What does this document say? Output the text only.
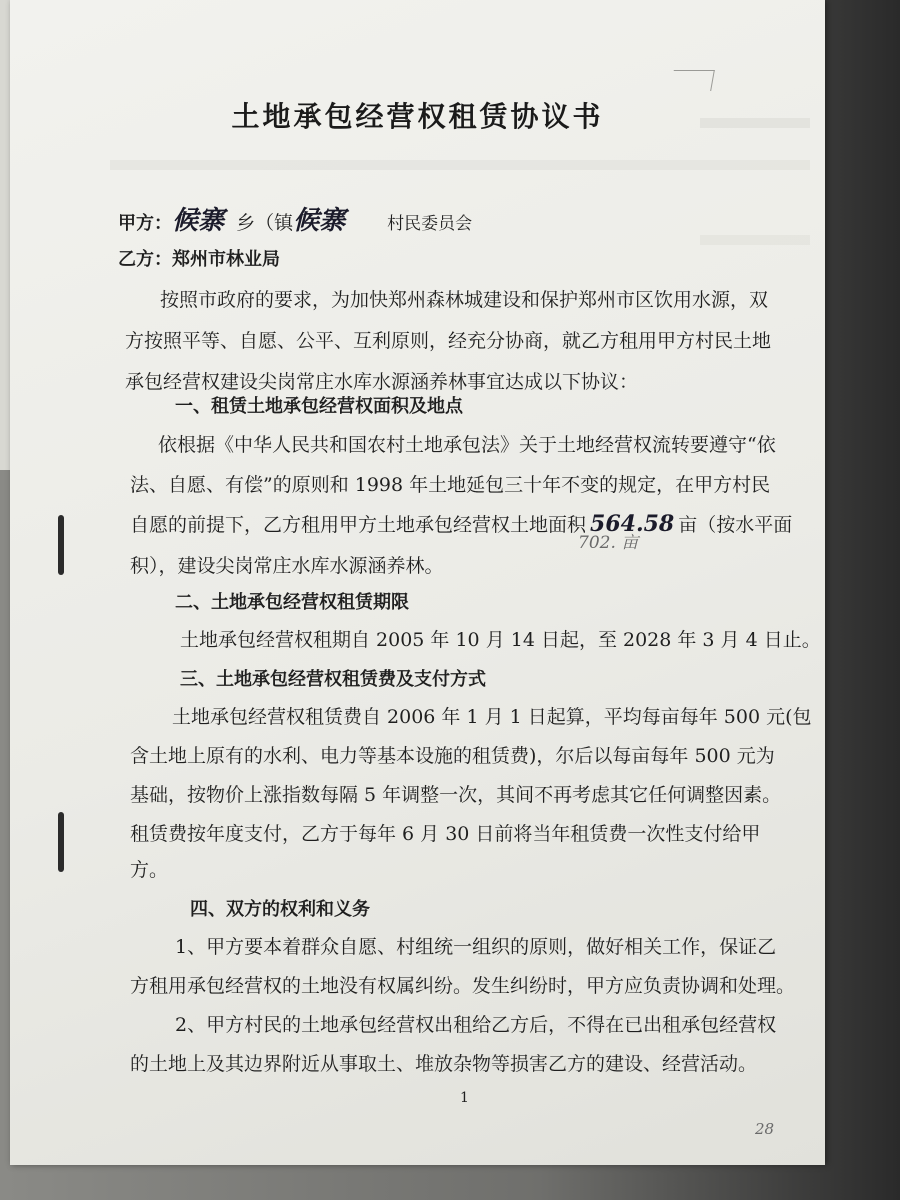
土地承包经营权租赁协议书
甲方：候寨 乡（镇候寨 村民委员会
乙方：郑州市林业局
按照市政府的要求，为加快郑州森林城建设和保护郑州市区饮用水源，双
方按照平等、自愿、公平、互利原则，经充分协商，就乙方租用甲方村民土地
承包经营权建设尖岗常庄水库水源涵养林事宜达成以下协议：
一、租赁土地承包经营权面积及地点
依根据《中华人民共和国农村土地承包法》关于土地经营权流转要遵守“依
法、自愿、有偿”的原则和 1998 年土地延包三十年不变的规定，在甲方村民
自愿的前提下，乙方租用甲方土地承包经营权土地面积 564.58 亩（按水平面
积），建设尖岗常庄水库水源涵养林。
702. 亩
二、土地承包经营权租赁期限
土地承包经营权租期自 2005 年 10 月 14 日起，至 2028 年 3 月 4 日止。
三、土地承包经营权租赁费及支付方式
土地承包经营权租赁费自 2006 年 1 月 1 日起算，平均每亩每年 500 元(包
含土地上原有的水利、电力等基本设施的租赁费)，尔后以每亩每年 500 元为
基础，按物价上涨指数每隔 5 年调整一次，其间不再考虑其它任何调整因素。
租赁费按年度支付，乙方于每年 6 月 30 日前将当年租赁费一次性支付给甲
方。
四、双方的权利和义务
1、甲方要本着群众自愿、村组统一组织的原则，做好相关工作，保证乙
方租用承包经营权的土地没有权属纠纷。发生纠纷时，甲方应负责协调和处理。
2、甲方村民的土地承包经营权出租给乙方后，不得在已出租承包经营权
的土地上及其边界附近从事取土、堆放杂物等损害乙方的建设、经营活动。
1
28
